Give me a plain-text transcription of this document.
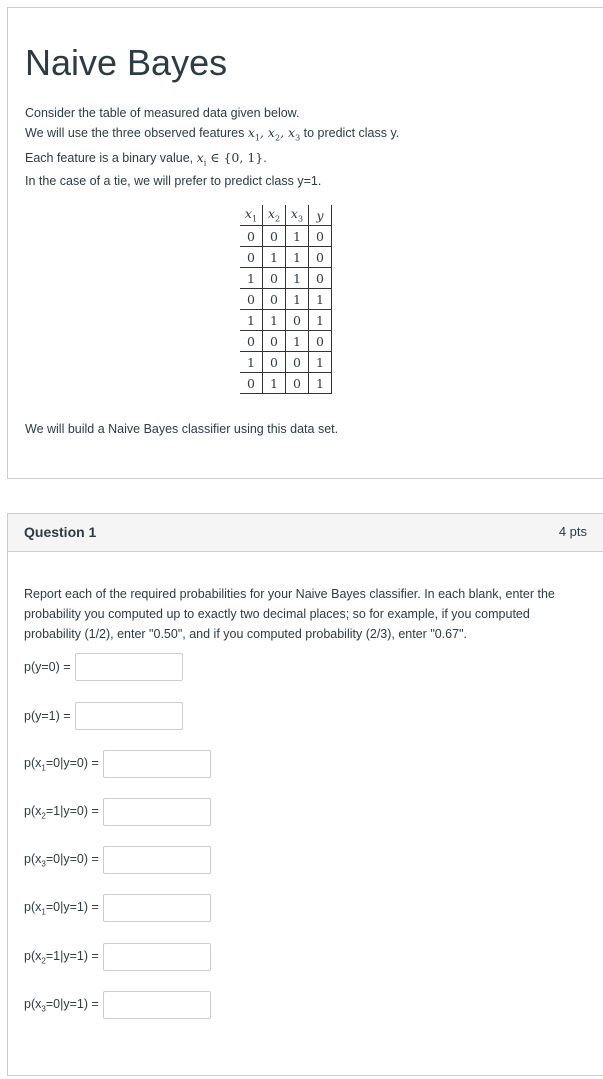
Naive Bayes

Consider the table of measured data given below.

We will use the three observed features $x_1$, $x_2$, $x_3$ to predict class y.

Each feature is a binary value, $x_i$ ∈ {0, 1}.

In the case of a tie, we will prefer to predict class y=1.

$x_1$	$x_2$	$x_3$	y
0	0	1	0
0	1	1	0
1	0	1	0
0	0	1	1
1	1	0	1
0	0	1	0
1	0	0	1
0	1	0	1

We will build a Naive Bayes classifier using this data set.

Question 1	4 pts

Report each of the required probabilities for your Naive Bayes classifier. In each blank, enter the probability you computed up to exactly two decimal places; so for example, if you computed probability (1/2), enter "0.50", and if you computed probability (2/3), enter "0.67".

p(y=0) =
p(y=1) =
$p(x_1=0|y=0)$ =
$p(x_2=1|y=0)$ =
$p(x_3=0|y=0)$ =
$p(x_1=0|y=1)$ =
$p(x_2=1|y=1)$ =
$p(x_3=0|y=1)$ =
